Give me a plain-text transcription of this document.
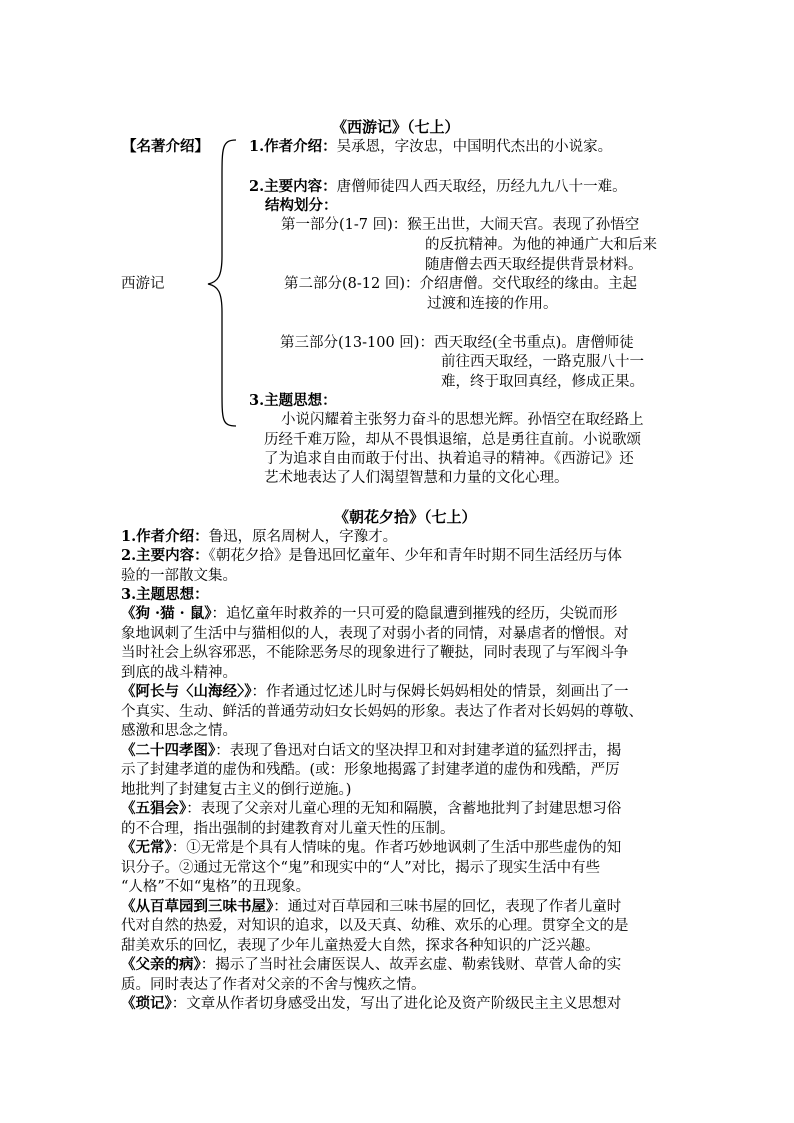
《西游记》（七上）
【名著介绍】
西游记
1.作者介绍：吴承恩，字汝忠，中国明代杰出的小说家。
2.主要内容：唐僧师徒四人西天取经，历经九九八十一难。
结构划分：
第一部分(1-7 回)：猴王出世，大闹天宫。表现了孙悟空
的反抗精神。为他的神通广大和后来
随唐僧去西天取经提供背景材料。
第二部分(8-12 回)：介绍唐僧。交代取经的缘由。主起
过渡和连接的作用。
第三部分(13-100 回)：西天取经(全书重点)。唐僧师徒
前往西天取经，一路克服八十一
难，终于取回真经，修成正果。
3.主题思想：
小说闪耀着主张努力奋斗的思想光辉。孙悟空在取经路上
历经千难万险，却从不畏惧退缩，总是勇往直前。小说歌颂
了为追求自由而敢于付出、执着追寻的精神。《西游记》还
艺术地表达了人们渴望智慧和力量的文化心理。
《朝花夕拾》（七上）
1.作者介绍：鲁迅，原名周树人，字豫才。
2.主要内容：《朝花夕拾》是鲁迅回忆童年、少年和青年时期不同生活经历与体
验的一部散文集。
3.主题思想：
《狗 ·猫 · 鼠》：追忆童年时救养的一只可爱的隐鼠遭到摧残的经历，尖锐而形
象地讽刺了生活中与猫相似的人，表现了对弱小者的同情，对暴虐者的憎恨。对
当时社会上纵容邪恶，不能除恶务尽的现象进行了鞭挞，同时表现了与军阀斗争
到底的战斗精神。
《阿长与〈山海经〉》：作者通过忆述儿时与保姆长妈妈相处的情景，刻画出了一
个真实、生动、鲜活的普通劳动妇女长妈妈的形象。表达了作者对长妈妈的尊敬、
感激和思念之情。
《二十四孝图》：表现了鲁迅对白话文的坚决捍卫和对封建孝道的猛烈抨击，揭
示了封建孝道的虚伪和残酷。(或：形象地揭露了封建孝道的虚伪和残酷，严厉
地批判了封建复古主义的倒行逆施。)
《五猖会》：表现了父亲对儿童心理的无知和隔膜，含蓄地批判了封建思想习俗
的不合理，指出强制的封建教育对儿童天性的压制。
《无常》：①无常是个具有人情味的鬼。作者巧妙地讽刺了生活中那些虚伪的知
识分子。②通过无常这个“鬼”和现实中的“人”对比，揭示了现实生活中有些
“人格”不如“鬼格”的丑现象。
《从百草园到三味书屋》：通过对百草园和三味书屋的回忆，表现了作者儿童时
代对自然的热爱，对知识的追求，以及天真、幼稚、欢乐的心理。贯穿全文的是
甜美欢乐的回忆，表现了少年儿童热爱大自然，探求各种知识的广泛兴趣。
《父亲的病》：揭示了当时社会庸医误人、故弄玄虚、勒索钱财、草菅人命的实
质。同时表达了作者对父亲的不舍与愧疚之情。
《琐记》：文章从作者切身感受出发，写出了进化论及资产阶级民主主义思想对
